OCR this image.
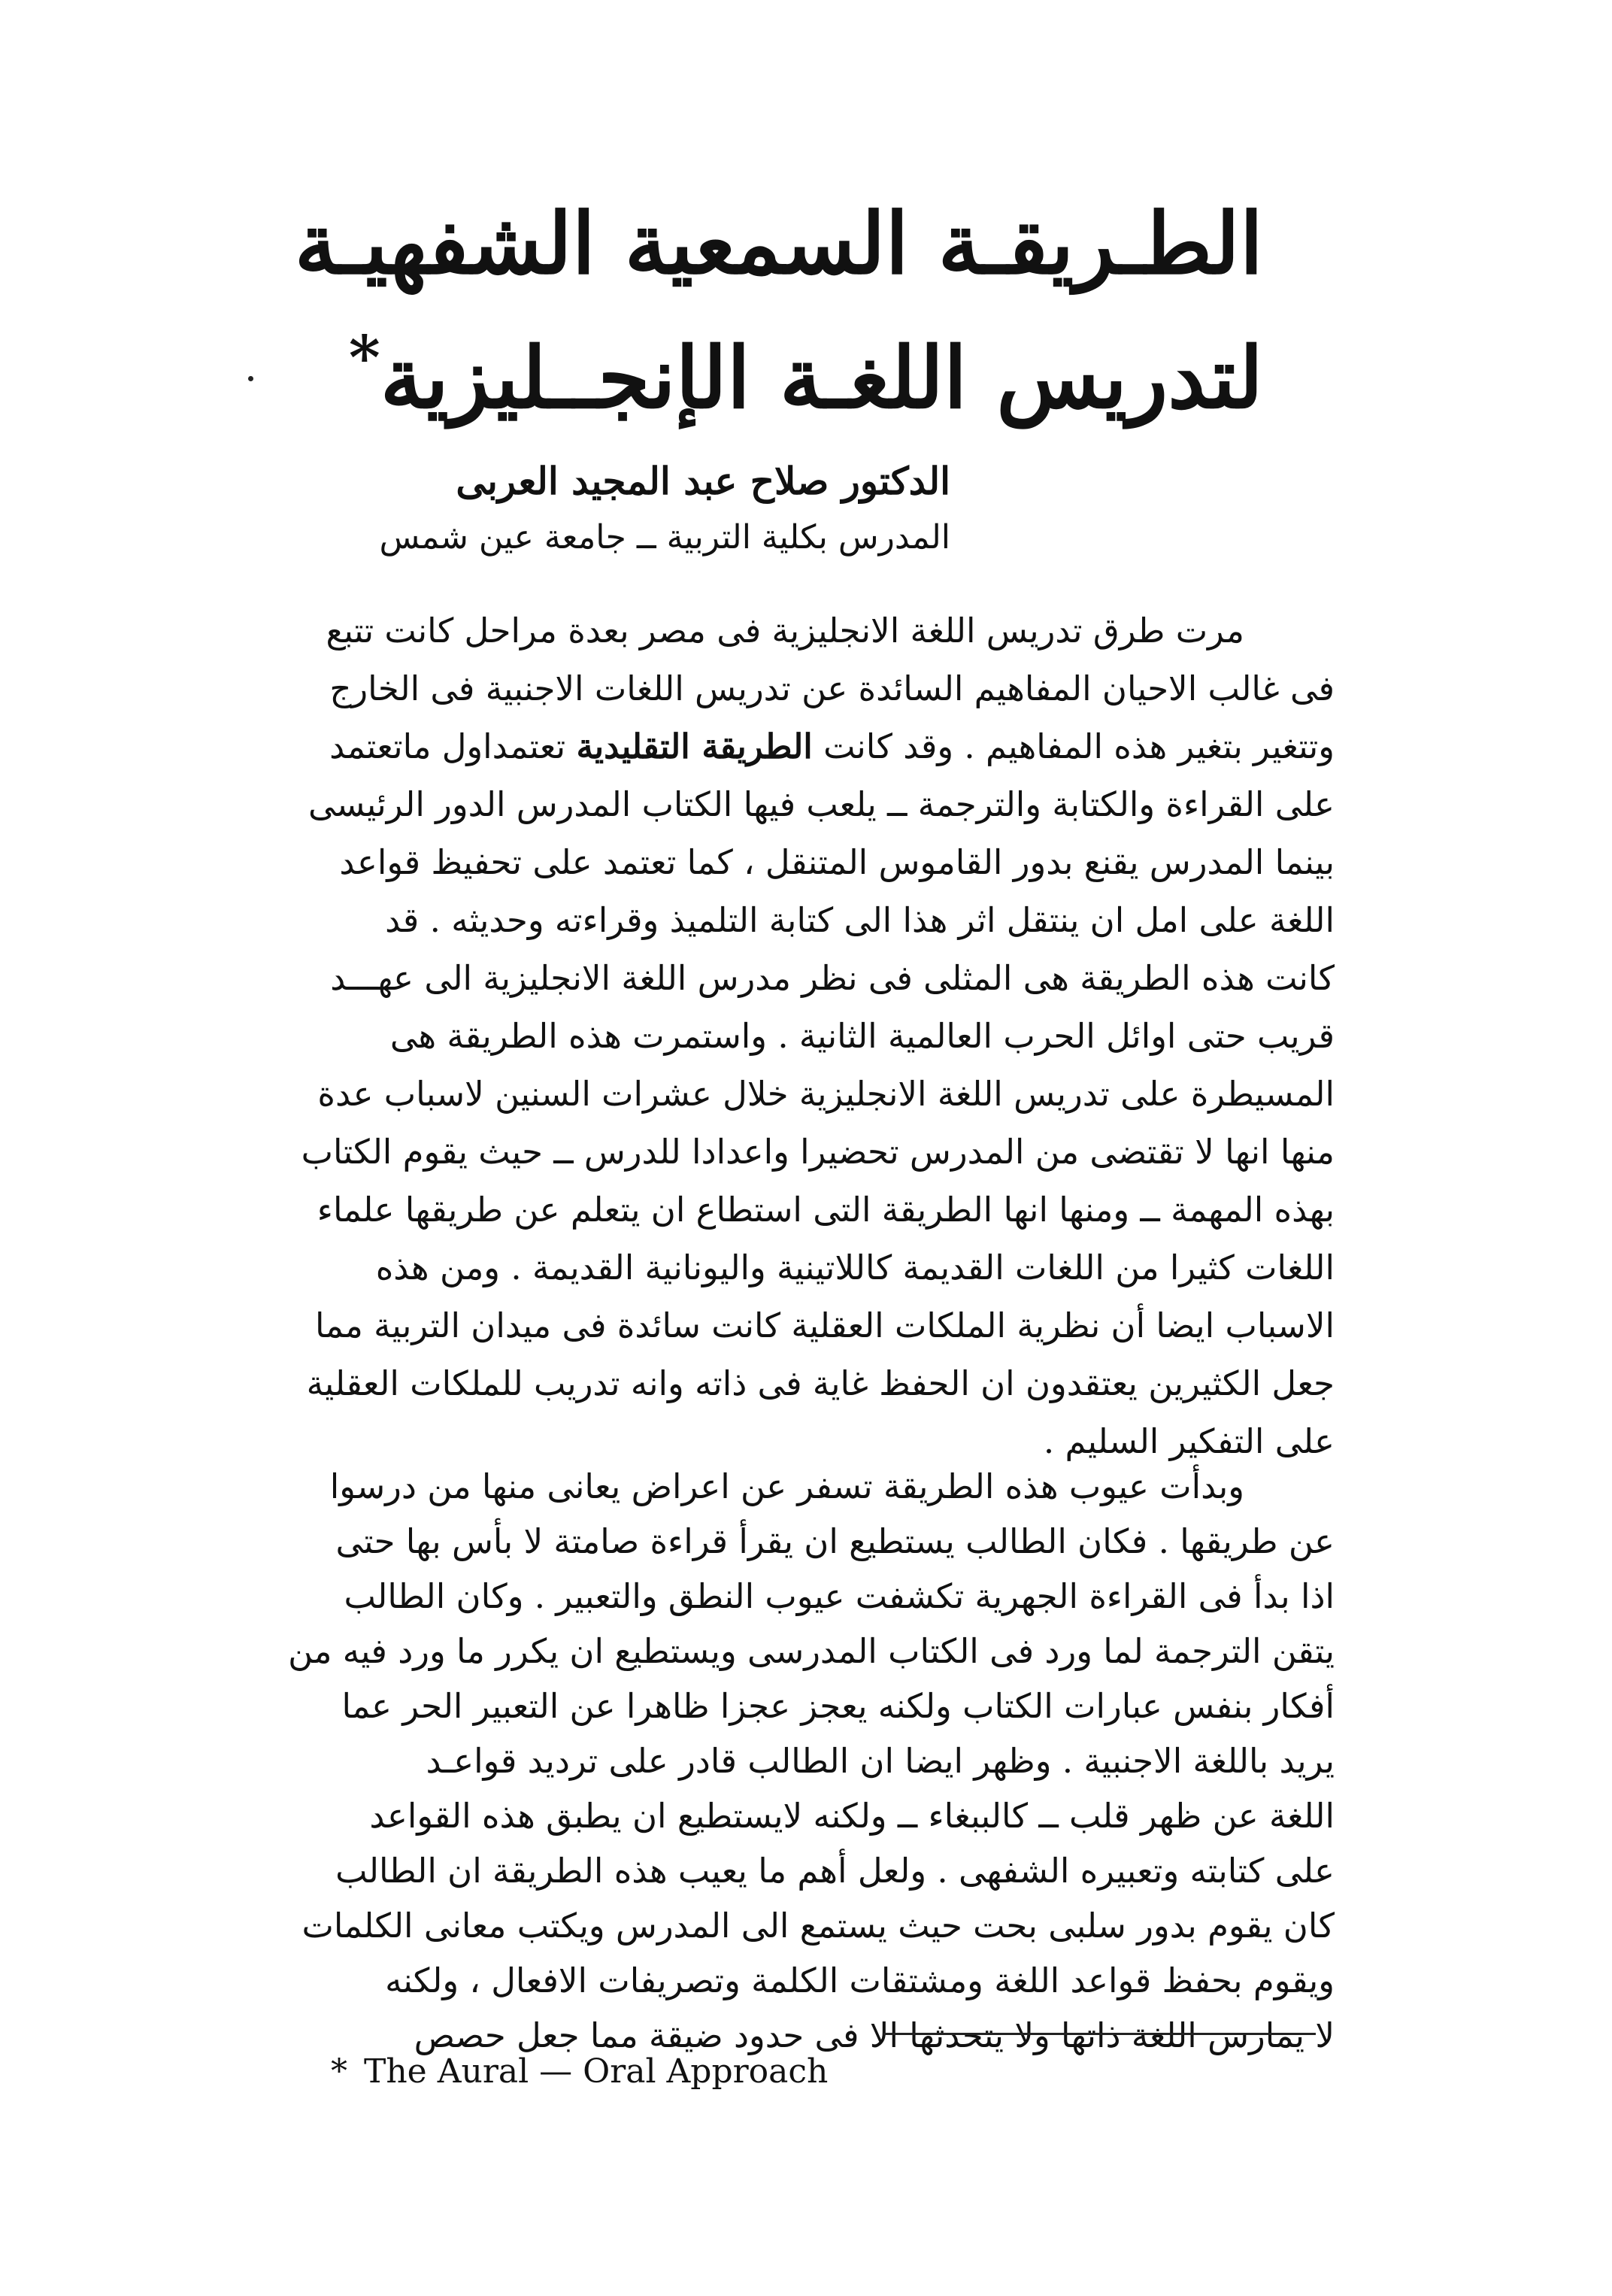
الطـريقـة السمعية الشفهيـة
لتدريس اللغـة الإنجــليزية*
الدكتور صلاح عبد المجيد العربى
المدرس بكلية التربية ــ جامعة عين شمس
مرت طرق تدريس اللغة الانجليزية فى مصر بعدة مراحل كانت تتبع
فى غالب الاحيان المفاهيم السائدة عن تدريس اللغات الاجنبية فى الخارج
وتتغير بتغير هذه المفاهيم . وقد كانت الطريقة التقليدية تعتمداول ماتعتمد
على القراءة والكتابة والترجمة ــ يلعب فيها الكتاب المدرس الدور الرئيسى
بينما المدرس يقنع بدور القاموس المتنقل ، كما تعتمد على تحفيظ قواعد
اللغة على امل ان ينتقل اثر هذا الى كتابة التلميذ وقراءته وحديثه . قد
كانت هذه الطريقة هى المثلى فى نظر مدرس اللغة الانجليزية الى عهـــد
قريب حتى اوائل الحرب العالمية الثانية . واستمرت هذه الطريقة هى
المسيطرة على تدريس اللغة الانجليزية خلال عشرات السنين لاسباب عدة
منها انها لا تقتضى من المدرس تحضيرا واعدادا للدرس ــ حيث يقوم الكتاب
بهذه المهمة ــ ومنها انها الطريقة التى استطاع ان يتعلم عن طريقها علماء
اللغات كثيرا من اللغات القديمة كاللاتينية واليونانية القديمة . ومن هذه
الاسباب ايضا أن نظرية الملكات العقلية كانت سائدة فى ميدان التربية مما
جعل الكثيرين يعتقدون ان الحفظ غاية فى ذاته وانه تدريب للملكات العقلية
على التفكير السليم .
وبدأت عيوب هذه الطريقة تسفر عن اعراض يعانى منها من درسوا
عن طريقها . فكان الطالب يستطيع ان يقرأ قراءة صامتة لا بأس بها حتى
اذا بدأ فى القراءة الجهرية تكشفت عيوب النطق والتعبير . وكان الطالب
يتقن الترجمة لما ورد فى الكتاب المدرسى ويستطيع ان يكرر ما ورد فيه من
أفكار بنفس عبارات الكتاب ولكنه يعجز عجزا ظاهرا عن التعبير الحر عما
يريد باللغة الاجنبية . وظهر ايضا ان الطالب قادر على ترديد قواعـد
اللغة عن ظهر قلب ــ كالببغاء ــ ولكنه لايستطيع ان يطبق هذه القواعد
على كتابته وتعبيره الشفهى . ولعل أهم ما يعيب هذه الطريقة ان الطالب
كان يقوم بدور سلبى بحت حيث يستمع الى المدرس ويكتب معانى الكلمات
ويقوم بحفظ قواعد اللغة ومشتقات الكلمة وتصريفات الافعال ، ولكنه
لا يمارس اللغة ذاتها ولا يتحدثها الا فى حدود ضيقة مما جعل حصص
* The Aural — Oral Approach
